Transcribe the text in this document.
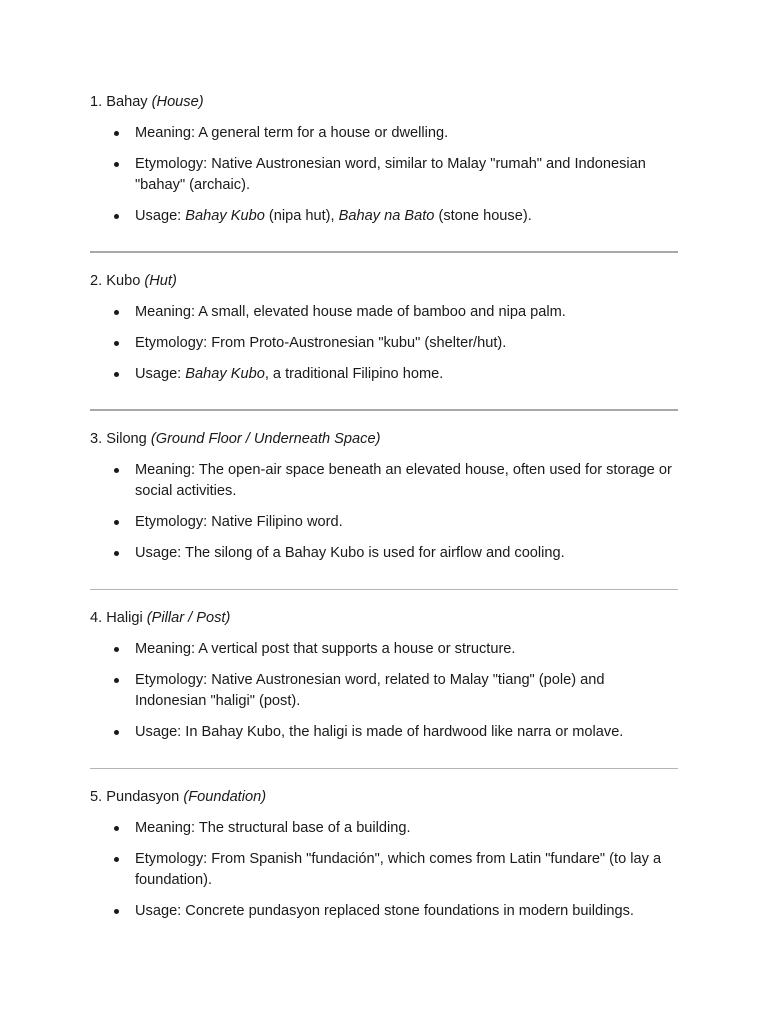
1. Bahay (House)

Meaning: A general term for a house or dwelling.
Etymology: Native Austronesian word, similar to Malay "rumah" and Indonesian "bahay" (archaic).
Usage: Bahay Kubo (nipa hut), Bahay na Bato (stone house).

2. Kubo (Hut)

Meaning: A small, elevated house made of bamboo and nipa palm.
Etymology: From Proto-Austronesian "kubu" (shelter/hut).
Usage: Bahay Kubo, a traditional Filipino home.

3. Silong (Ground Floor / Underneath Space)

Meaning: The open-air space beneath an elevated house, often used for storage or social activities.
Etymology: Native Filipino word.
Usage: The silong of a Bahay Kubo is used for airflow and cooling.

4. Haligi (Pillar / Post)

Meaning: A vertical post that supports a house or structure.
Etymology: Native Austronesian word, related to Malay "tiang" (pole) and Indonesian "haligi" (post).
Usage: In Bahay Kubo, the haligi is made of hardwood like narra or molave.

5. Pundasyon (Foundation)

Meaning: The structural base of a building.
Etymology: From Spanish "fundación", which comes from Latin "fundare" (to lay a foundation).
Usage: Concrete pundasyon replaced stone foundations in modern buildings.
